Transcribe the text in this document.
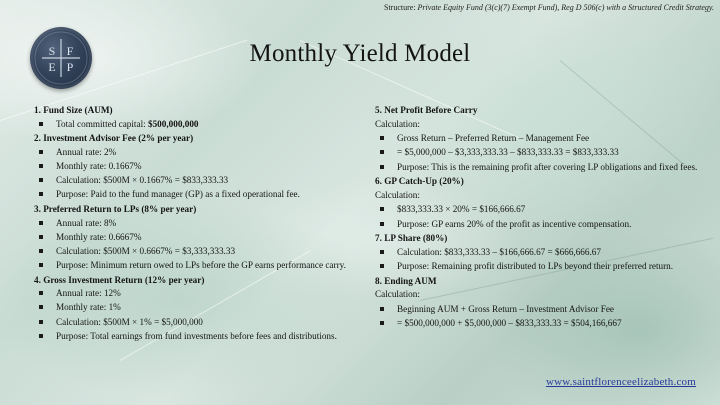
Structure: Private Equity Fund (3(c)(7) Exempt Fund), Reg D 506(c) with a Structured Credit Strategy.
S F
E P	Monthly Yield Model
1. Fund Size (AUM)
Total committed capital: $500,000,000
2. Investment Advisor Fee (2% per year)
Annual rate: 2%
Monthly rate: 0.1667%
Calculation: $500M × 0.1667% = $833,333.33
Purpose: Paid to the fund manager (GP) as a fixed operational fee.
3. Preferred Return to LPs (8% per year)
Annual rate: 8%
Monthly rate: 0.6667%
Calculation: $500M × 0.6667% = $3,333,333.33
Purpose: Minimum return owed to LPs before the GP earns performance carry.
4. Gross Investment Return (12% per year)
Annual rate: 12%
Monthly rate: 1%
Calculation: $500M × 1% = $5,000,000
Purpose: Total earnings from fund investments before fees and distributions.
5. Net Profit Before Carry
Calculation:
Gross Return – Preferred Return – Management Fee
= $5,000,000 – $3,333,333.33 – $833,333.33 = $833,333.33
Purpose: This is the remaining profit after covering LP obligations and fixed fees.
6. GP Catch-Up (20%)
Calculation:
$833,333.33 × 20% = $166,666.67
Purpose: GP earns 20% of the profit as incentive compensation.
7. LP Share (80%)
Calculation: $833,333.33 – $166,666.67 = $666,666.67
Purpose: Remaining profit distributed to LPs beyond their preferred return.
8. Ending AUM
Calculation:
Beginning AUM + Gross Return – Investment Advisor Fee
= $500,000,000 + $5,000,000 – $833,333.33 = $504,166,667
www.saintflorenceelizabeth.com
